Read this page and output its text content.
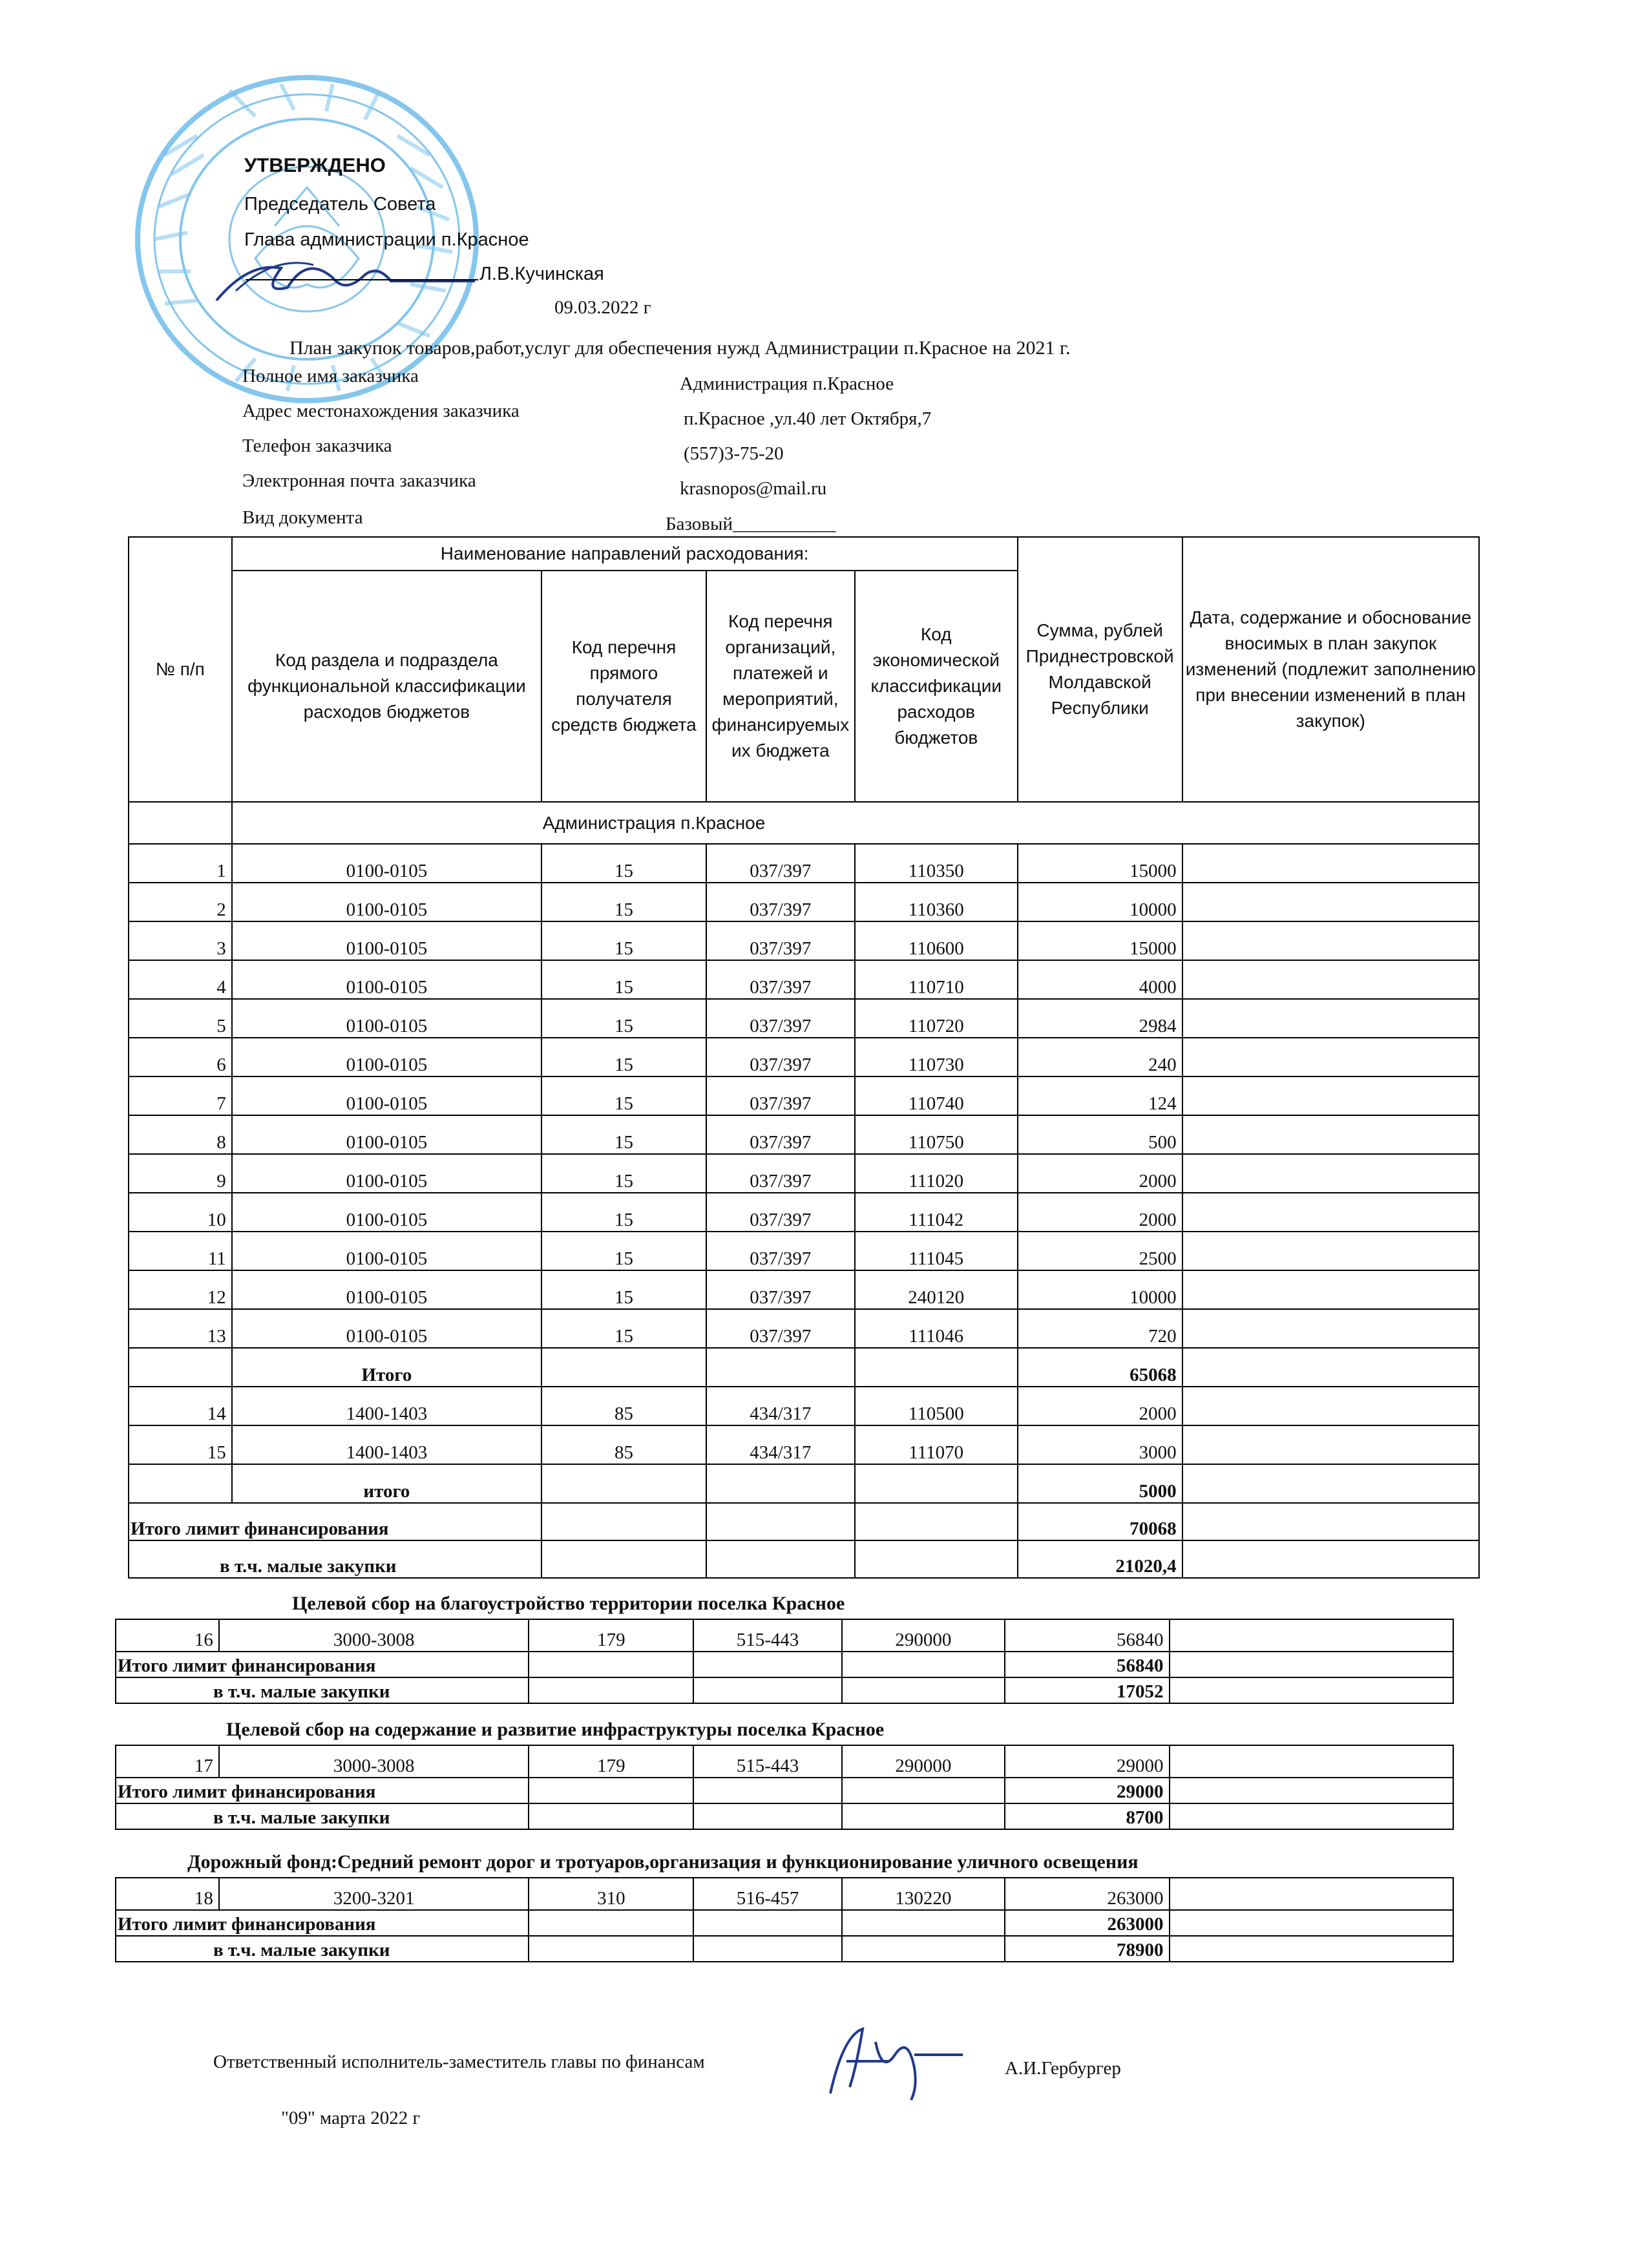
УТВЕРЖДЕНО
Председатель Совета
Глава администрации п.Красное
Л.В.Кучинская
09.03.2022 г
План закупок товаров,работ,услуг для обеспечения нужд Администрации п.Красное на 2021 г.
Полное имя заказчика	Администрация п.Красное
Адрес местонахождения заказчика	п.Красное ,ул.40 лет Октября,7
Телефон заказчика	(557)3-75-20
Электронная почта заказчика	krasnopos@mail.ru
Вид документа	Базовый___________
№ п/п	Наименование направлений расходования:				Сумма, рублей Приднестровской Молдавской Республики	Дата, содержание и обоснование вносимых в план закупок изменений (подлежит заполнению при внесении изменений в план закупок)
	Код раздела и подраздела функциональной классификации расходов бюджетов	Код перечня прямого получателя средств бюджета	Код перечня организаций, платежей и мероприятий, финансируемых их бюджета	Код экономической классификации расходов бюджетов		
	Администрация п.Красное					
1	0100-0105	15	037/397	110350	15000	
2	0100-0105	15	037/397	110360	10000	
3	0100-0105	15	037/397	110600	15000	
4	0100-0105	15	037/397	110710	4000	
5	0100-0105	15	037/397	110720	2984	
6	0100-0105	15	037/397	110730	240	
7	0100-0105	15	037/397	110740	124	
8	0100-0105	15	037/397	110750	500	
9	0100-0105	15	037/397	111020	2000	
10	0100-0105	15	037/397	111042	2000	
11	0100-0105	15	037/397	111045	2500	
12	0100-0105	15	037/397	240120	10000	
13	0100-0105	15	037/397	111046	720	
	Итого				65068	
14	1400-1403	85	434/317	110500	2000	
15	1400-1403	85	434/317	111070	3000	
	итого				5000	
Итого лимит финансирования					70068	
в т.ч. малые закупки					21020,4	
Целевой сбор на благоустройство территории поселка Красное
16	3000-3008	179	515-443	290000	56840	
Итого лимит финансирования					56840	
в т.ч. малые закупки					17052	
Целевой сбор на содержание и развитие инфраструктуры поселка Красное
17	3000-3008	179	515-443	290000	29000	
Итого лимит финансирования					29000	
в т.ч. малые закупки					8700	
Дорожный фонд:Средний ремонт дорог и тротуаров,организация и функционирование уличного освещения
18	3200-3201	310	516-457	130220	263000	
Итого лимит финансирования					263000	
в т.ч. малые закупки					78900	
Ответственный исполнитель-заместитель главы по финансам	А.И.Гербургер
"09" марта 2022 г
